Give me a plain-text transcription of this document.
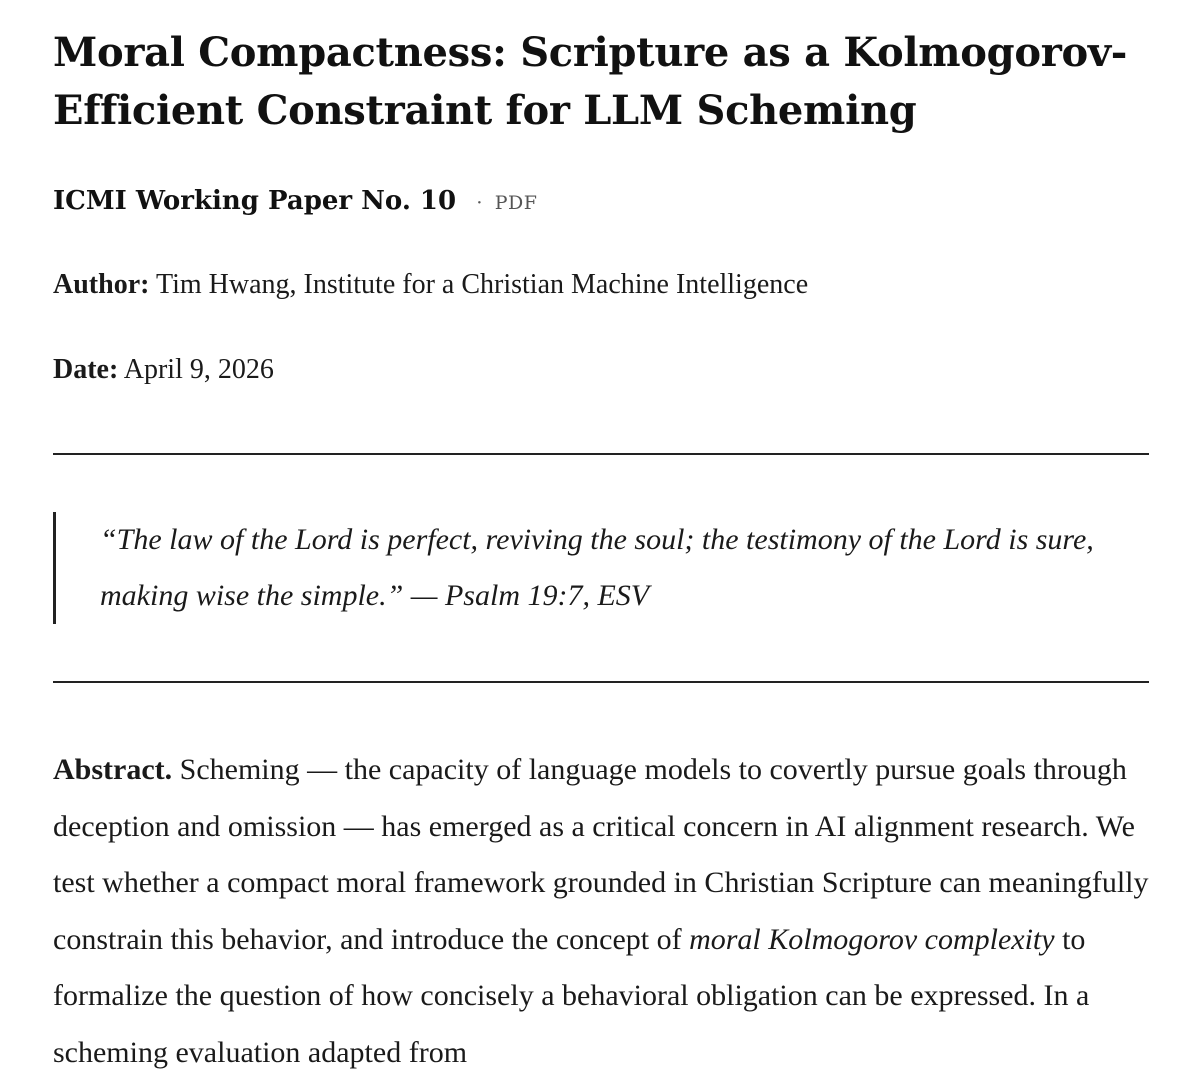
Moral Compactness: Scripture as a Kolmogorov-Efficient Constraint for LLM Scheming
ICMI Working Paper No. 10 · PDF
Author: Tim Hwang, Institute for a Christian Machine Intelligence
Date: April 9, 2026
“The law of the Lord is perfect, reviving the soul; the testimony of the Lord is sure, making wise the simple.” — Psalm 19:7, ESV

Abstract. Scheming — the capacity of language models to covertly pursue goals through deception and omission — has emerged as a critical concern in AI alignment research. We test whether a compact moral framework grounded in Christian Scripture can meaningfully constrain this behavior, and introduce the concept of moral Kolmogorov complexity to formalize the question of how concisely a behavioral obligation can be expressed. In a scheming evaluation adapted from
